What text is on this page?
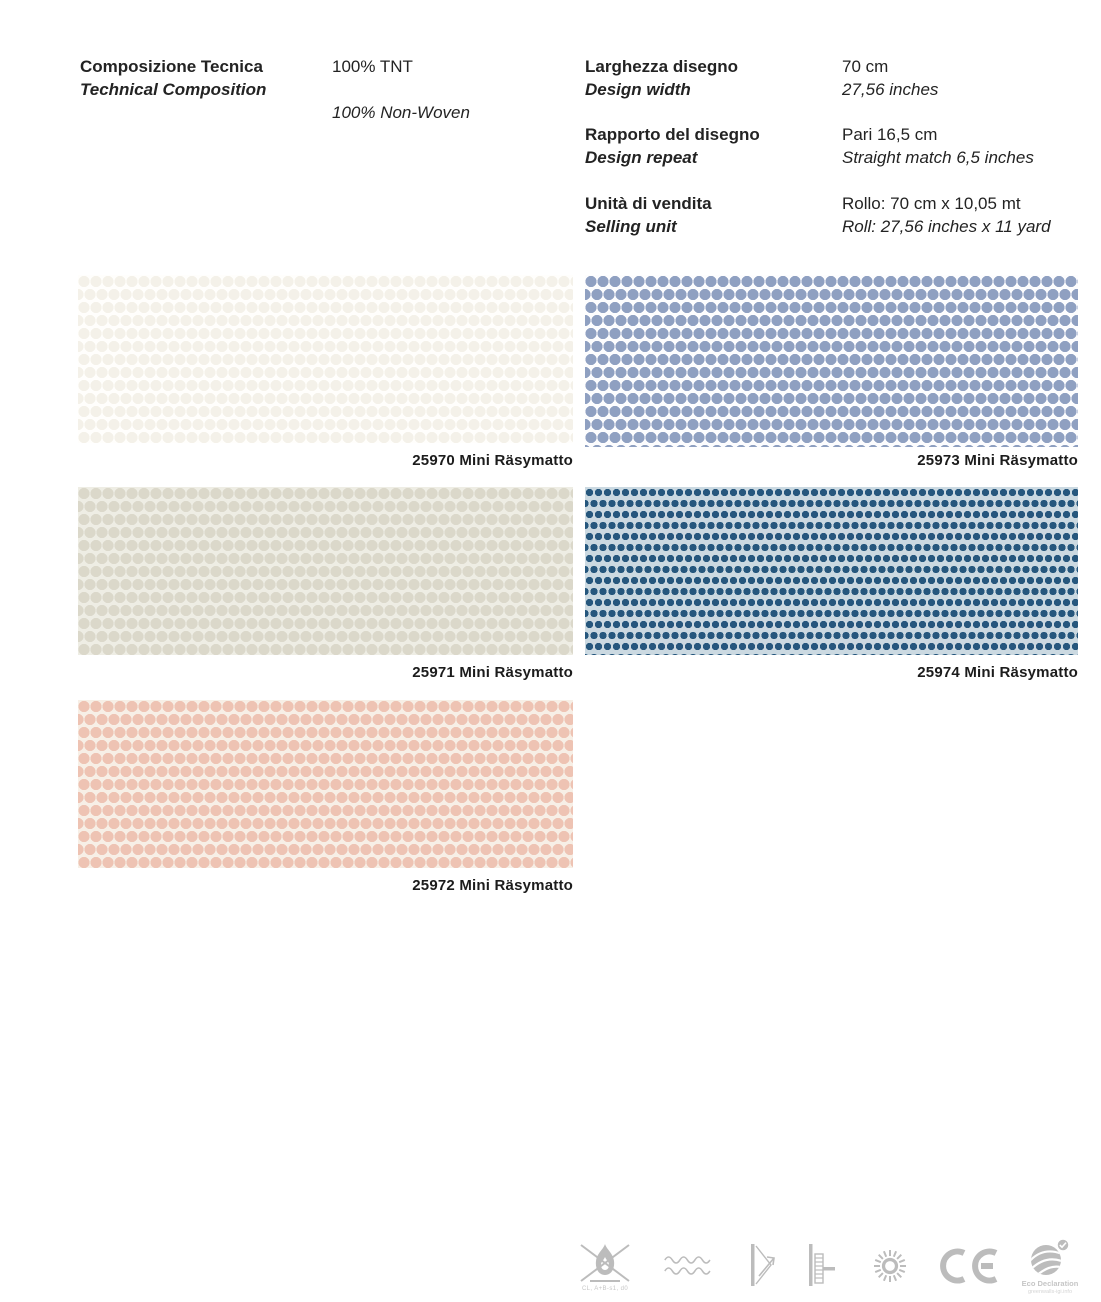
Composizione Tecnica
Technical Composition
100% TNT
100% Non-Woven
Larghezza disegno
Design width
70 cm
27,56 inches
Rapporto del disegno
Design repeat
Pari 16,5 cm
Straight match 6,5 inches
Unità di vendita
Selling unit
Rollo: 70 cm x 10,05 mt
Roll: 27,56 inches x 11 yard
25970 Mini Räsymatto	25973 Mini Räsymatto
25971 Mini Räsymatto	25974 Mini Räsymatto
25972 Mini Räsymatto
CL, A+B-s1, d0
Eco Declaration
greenwalls-igi.info
